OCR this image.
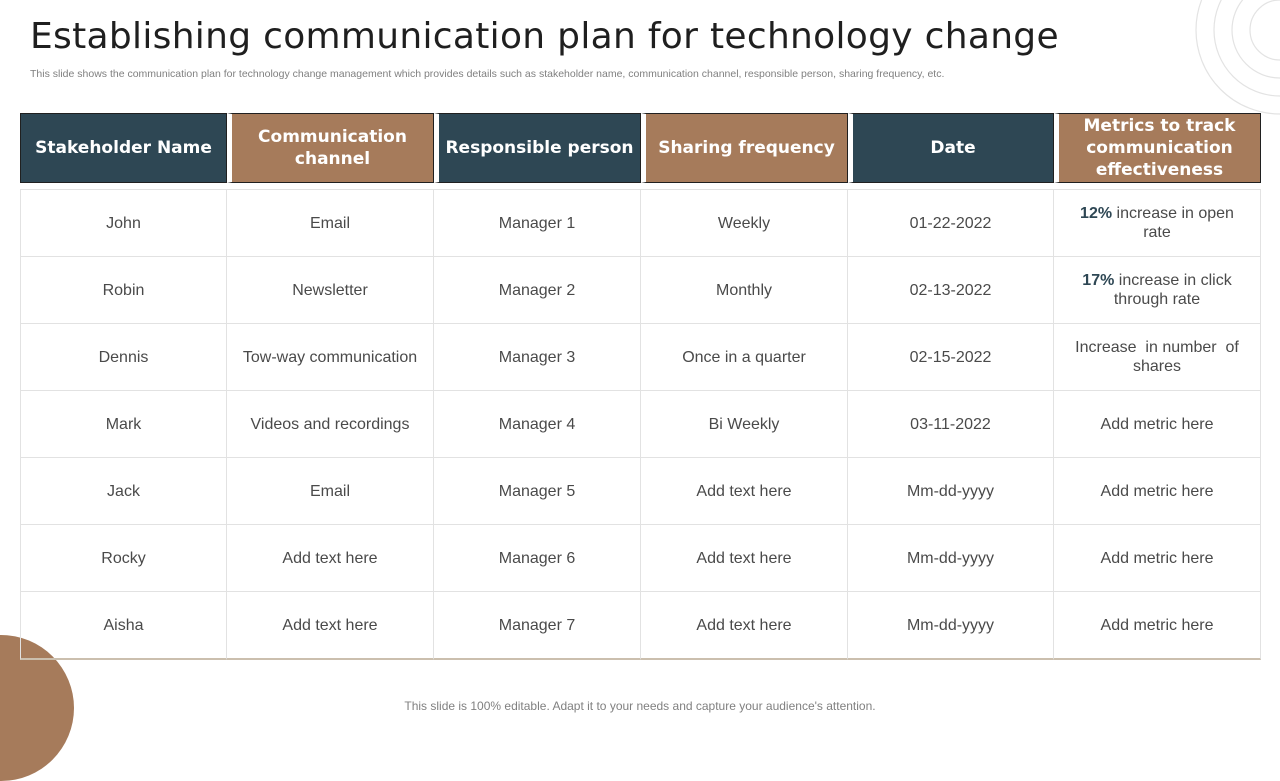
Establishing communication plan for technology change

This slide shows the communication plan for technology change management which provides details such as stakeholder name, communication channel, responsible person, sharing frequency, etc.

Stakeholder Name	Communication channel	Responsible person	Sharing frequency	Date	Metrics to track communication effectiveness

John	Email	Manager 1	Weekly	01-22-2022	12% increase in open rate
Robin	Newsletter	Manager 2	Monthly	02-13-2022	17% increase in click through rate
Dennis	Tow-way communication	Manager 3	Once in a quarter	02-15-2022	Increase  in number  of shares
Mark	Videos and recordings	Manager 4	Bi Weekly	03-11-2022	Add metric here
Jack	Email	Manager 5	Add text here	Mm-dd-yyyy	Add metric here
Rocky	Add text here	Manager 6	Add text here	Mm-dd-yyyy	Add metric here
Aisha	Add text here	Manager 7	Add text here	Mm-dd-yyyy	Add metric here

This slide is 100% editable. Adapt it to your needs and capture your audience's attention.
